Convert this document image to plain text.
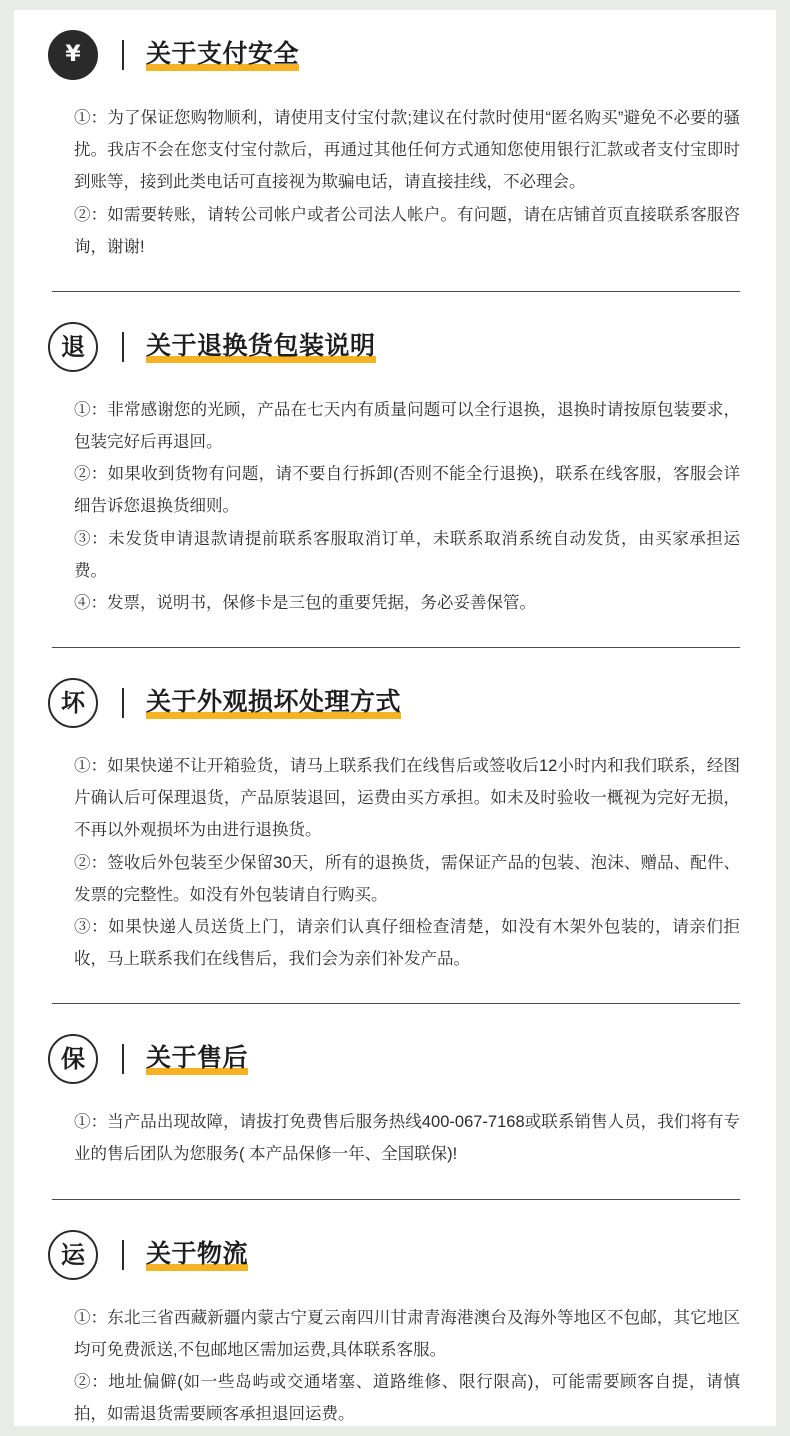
¥	关于支付安全

①：为了保证您购物顺利，请使用支付宝付款;建议在付款时使用“匿名购买”避免不必要的骚扰。我店不会在您支付宝付款后，再通过其他任何方式通知您使用银行汇款或者支付宝即时到账等，接到此类电话可直接视为欺骗电话，请直接挂线，不必理会。

②：如需要转账，请转公司帐户或者公司法人帐户。有问题，请在店铺首页直接联系客服咨询，谢谢!

退 关于退换货包装说明

①：非常感谢您的光顾，产品在七天内有质量问题可以全行退换，退换时请按原包装要求，包装完好后再退回。

②：如果收到货物有问题，请不要自行拆卸(否则不能全行退换)，联系在线客服，客服会详细告诉您退换货细则。

③：未发货申请退款请提前联系客服取消订单，未联系取消系统自动发货，由买家承担运费。

④：发票，说明书，保修卡是三包的重要凭据，务必妥善保管。

坏 关于外观损坏处理方式

①：如果快递不让开箱验货，请马上联系我们在线售后或签收后12小时内和我们联系，经图片确认后可保理退货，产品原装退回，运费由买方承担。如未及时验收一概视为完好无损，不再以外观损坏为由进行退换货。

②：签收后外包装至少保留30天，所有的退换货，需保证产品的包装、泡沫、赠品、配件、发票的完整性。如没有外包装请自行购买。

③：如果快递人员送货上门，请亲们认真仔细检查清楚，如没有木架外包装的，请亲们拒收，马上联系我们在线售后，我们会为亲们补发产品。

保 关于售后

①：当产品出现故障，请拔打免费售后服务热线400-067-7168或联系销售人员，我们将有专业的售后团队为您服务( 本产品保修一年、全国联保)!

运 关于物流

①：东北三省西藏新疆内蒙古宁夏云南四川甘肃青海港澳台及海外等地区不包邮，其它地区均可免费派送,不包邮地区需加运费,具体联系客服。

②：地址偏僻(如一些岛屿或交通堵塞、道路维修、限行限高)，可能需要顾客自提，请慎拍，如需退货需要顾客承担退回运费。
